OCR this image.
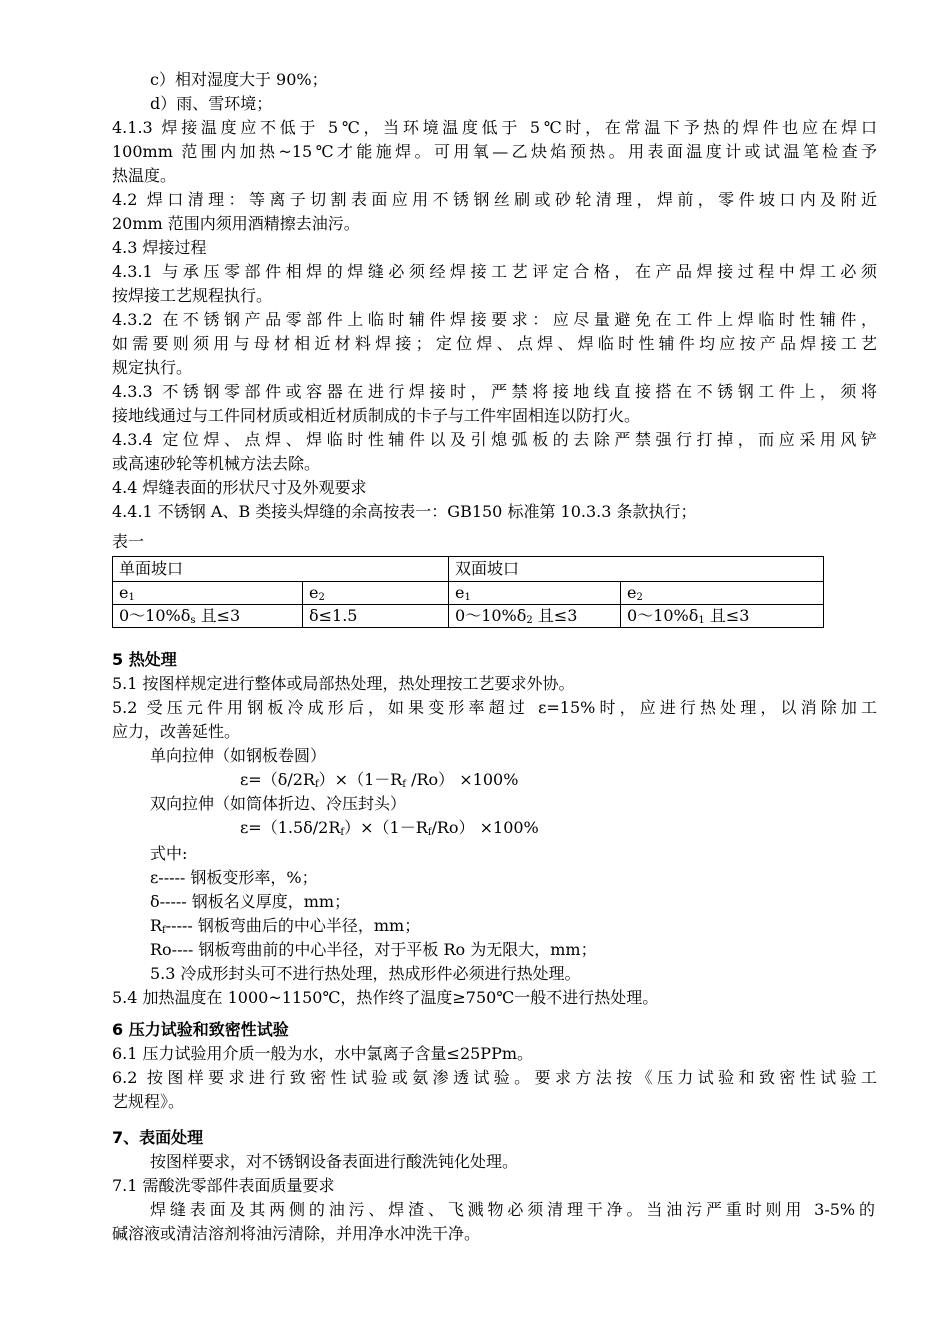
c）相对湿度大于 90%；
d）雨、雪环境；
4.1.3 焊接温度应不低于 5℃，当环境温度低于 5℃时，在常温下予热的焊件也应在焊口
100mm 范围内加热~15℃才能施焊。可用氧—乙炔焰预热。用表面温度计或试温笔检查予
热温度。
4.2 焊口清理：等离子切割表面应用不锈钢丝刷或砂轮清理，焊前，零件坡口内及附近
20mm 范围内须用酒精擦去油污。
4.3 焊接过程
4.3.1 与承压零部件相焊的焊缝必须经焊接工艺评定合格，在产品焊接过程中焊工必须
按焊接工艺规程执行。
4.3.2 在不锈钢产品零部件上临时辅件焊接要求：应尽量避免在工件上焊临时性辅件，
如需要则须用与母材相近材料焊接；定位焊、点焊、焊临时性辅件均应按产品焊接工艺
规定执行。
4.3.3 不锈钢零部件或容器在进行焊接时，严禁将接地线直接搭在不锈钢工件上，须将
接地线通过与工件同材质或相近材质制成的卡子与工件牢固相连以防打火。
4.3.4 定位焊、点焊、焊临时性辅件以及引熄弧板的去除严禁强行打掉，而应采用风铲
或高速砂轮等机械方法去除。
4.4 焊缝表面的形状尺寸及外观要求
4.4.1 不锈钢 A、B 类接头焊缝的余高按表一：GB150 标准第 10.3.3 条款执行；
表一
单面坡口		双面坡口	
$e_1$	$e_2$	$e_1$	$e_2$
$0\sim 10\%\delta_s$ 且≤3	δ≤1.5	$0\sim 10\%\delta_2$ 且≤3	$0\sim 10\%\delta_1$ 且≤3
5 热处理
5.1 按图样规定进行整体或局部热处理，热处理按工艺要求外协。
5.2 受压元件用钢板冷成形后，如果变形率超过 ε=15%时，应进行热处理，以消除加工
应力，改善延性。
单向拉伸（如钢板卷圆）
$\varepsilon=(\delta/2R_f)\times(1-R_f$ /Ro） ×100%
双向拉伸（如筒体折边、冷压封头）
$\varepsilon=(1.5\delta/2R_f)\times(1-R_f/Ro) \times 100\%$
式中:
ε----- 钢板变形率，%；
δ----- 钢板名义厚度，mm；
$R_f-----$ 钢板弯曲后的中心半径，mm；
Ro---- 钢板弯曲前的中心半径，对于平板 Ro 为无限大，mm；
5.3 冷成形封头可不进行热处理，热成形件必须进行热处理。
5.4 加热温度在 1000~1150℃，热作终了温度≥750℃一般不进行热处理。
6 压力试验和致密性试验
6.1 压力试验用介质一般为水，水中氯离子含量≤25PPm。
6.2 按图样要求进行致密性试验或氨渗透试验。要求方法按《压力试验和致密性试验工
艺规程》。
7、表面处理
按图样要求，对不锈钢设备表面进行酸洗钝化处理。
7.1 需酸洗零部件表面质量要求
焊缝表面及其两侧的油污、焊渣、飞溅物必须清理干净。当油污严重时则用 3-5%的
碱溶液或清洁溶剂将油污清除，并用净水冲洗干净。
